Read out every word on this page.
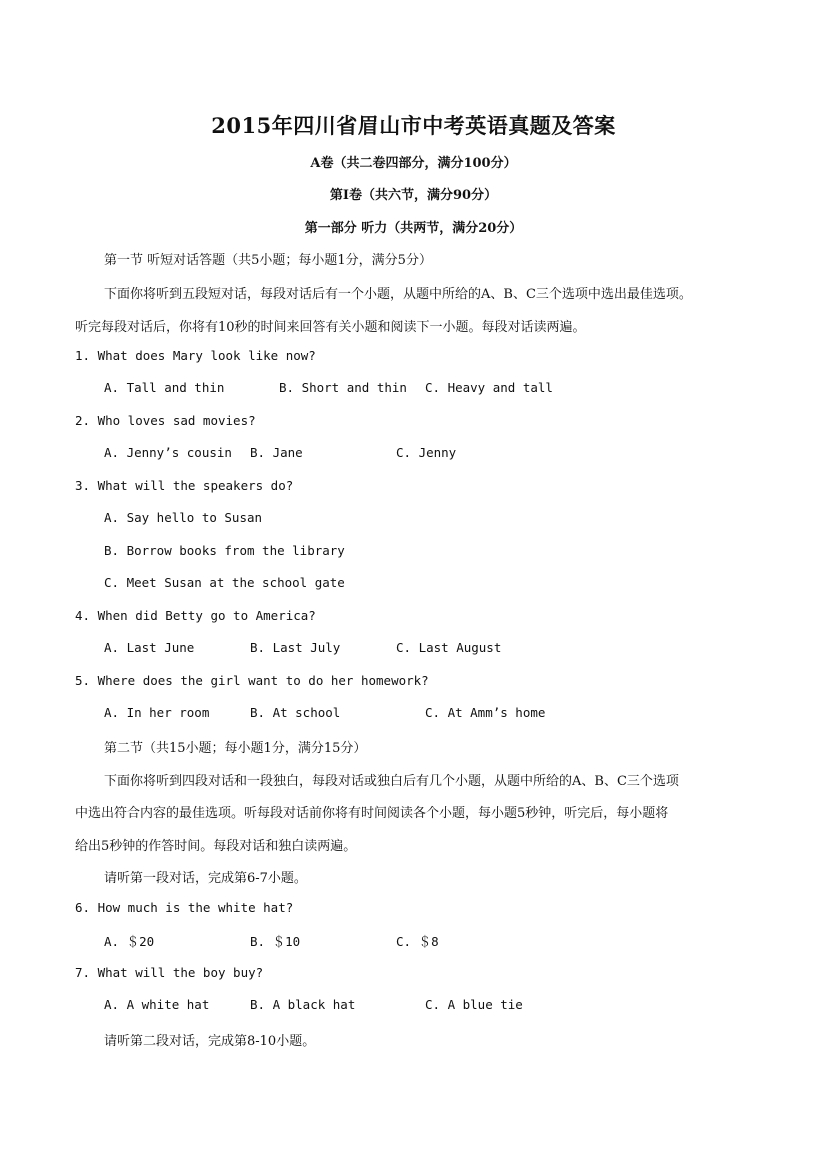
2015年四川省眉山市中考英语真题及答案
A卷（共二卷四部分，满分100分）
第Ⅰ卷（共六节，满分90分）
第一部分 听力（共两节，满分20分）
第一节 听短对话答题（共5小题；每小题1分，满分5分）
下面你将听到五段短对话，每段对话后有一个小题，从题中所给的A、B、C三个选项中选出最佳选项。
听完每段对话后，你将有10秒的时间来回答有关小题和阅读下一小题。每段对话读两遍。
1. What does Mary look like now?
A. Tall and thin	B. Short and thin C. Heavy and tall
2. Who loves sad movies?
A. Jenny’s cousin B. Jane	C. Jenny
3. What will the speakers do?
A. Say hello to Susan
B. Borrow books from the library
C. Meet Susan at the school gate
4. When did Betty go to America?
A. Last June	B. Last July	C. Last August
5. Where does the girl want to do her homework?
A. In her room	B. At school	C. At Amm’s home
第二节（共15小题；每小题1分，满分15分）
下面你将听到四段对话和一段独白，每段对话或独白后有几个小题，从题中所给的A、B、C三个选项
中选出符合内容的最佳选项。听每段对话前你将有时间阅读各个小题，每小题5秒钟，听完后，每小题将
给出5秒钟的作答时间。每段对话和独白读两遍。
请听第一段对话，完成第6-7小题。
6. How much is the white hat?
A. ＄20	B. ＄10	C. ＄8
7. What will the boy buy?
A. A white hat	B. A black hat	C. A blue tie
请听第二段对话，完成第8-10小题。
